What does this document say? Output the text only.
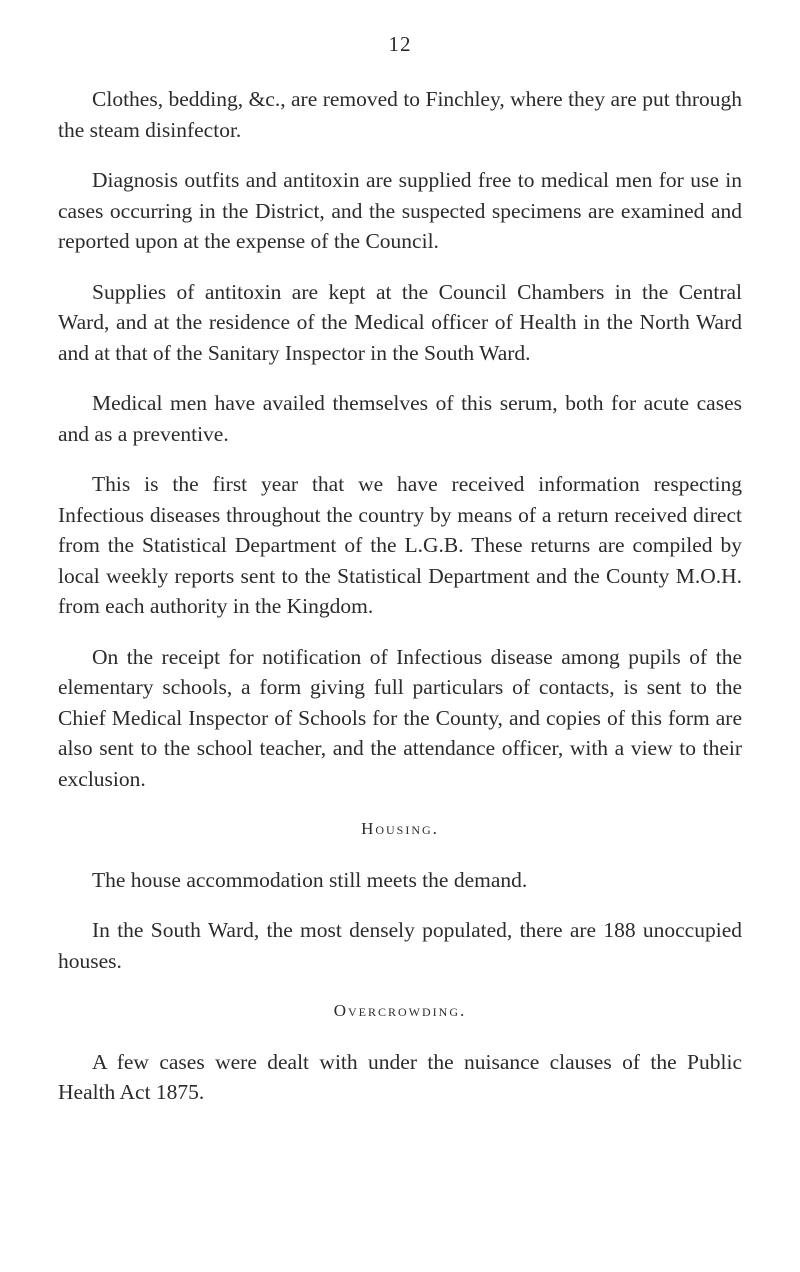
12

Clothes, bedding, &c., are removed to Finchley, where they are put through the steam disinfector.

Diagnosis outfits and antitoxin are supplied free to medical men for use in cases occurring in the District, and the suspected specimens are examined and reported upon at the expense of the Council.

Supplies of antitoxin are kept at the Council Chambers in the Central Ward, and at the residence of the Medical officer of Health in the North Ward and at that of the Sanitary Inspector in the South Ward.

Medical men have availed themselves of this serum, both for acute cases and as a preventive.

This is the first year that we have received information respecting Infectious diseases throughout the country by means of a return received direct from the Statistical Department of the L.G.B. These returns are compiled by local weekly reports sent to the Statistical Department and the County M.O.H. from each authority in the Kingdom.

On the receipt for notification of Infectious disease among pupils of the elementary schools, a form giving full particulars of contacts, is sent to the Chief Medical Inspector of Schools for the County, and copies of this form are also sent to the school teacher, and the attendance officer, with a view to their exclusion.

Housing.

The house accommodation still meets the demand.

In the South Ward, the most densely populated, there are 188 unoccupied houses.

Overcrowding.

A few cases were dealt with under the nuisance clauses of the Public Health Act 1875.
